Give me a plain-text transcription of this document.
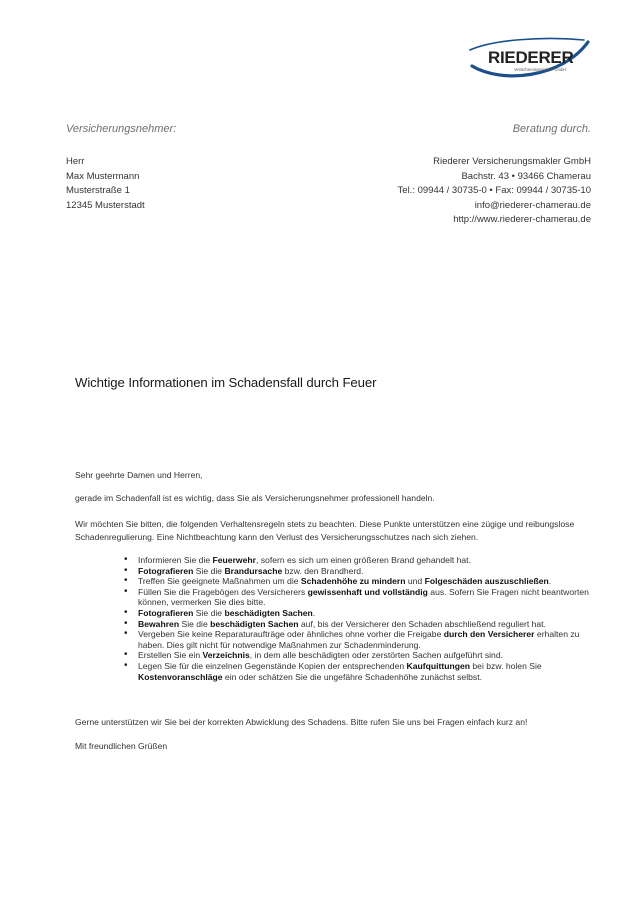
RIEDERER
Versicherungsmakler GmbH
Versicherungsnehmer:	Beratung durch.
Herr
Max Mustermann
Musterstraße 1
12345 Musterstadt
Riederer Versicherungsmakler GmbH
Bachstr. 43 • 93466 Chamerau
Tel.: 09944 / 30735-0 • Fax: 09944 / 30735-10
info@riederer-chamerau.de
http://www.riederer-chamerau.de
Wichtige Informationen im Schadensfall durch Feuer
Sehr geehrte Damen und Herren,
gerade im Schadenfall ist es wichtig, dass Sie als Versicherungsnehmer professionell handeln.
Wir möchten Sie bitten, die folgenden Verhaltensregeln stets zu beachten. Diese Punkte unterstützen eine zügige und reibungslose Schadenregulierung. Eine Nichtbeachtung kann den Verlust des Versicherungsschutzes nach sich ziehen.
• Informieren Sie die Feuerwehr, sofern es sich um einen größeren Brand gehandelt hat.
• Fotografieren Sie die Brandursache bzw. den Brandherd.
• Treffen Sie geeignete Maßnahmen um die Schadenhöhe zu mindern und Folgeschäden auszuschließen.
• Füllen Sie die Fragebögen des Versicherers gewissenhaft und vollständig aus. Sofern Sie Fragen nicht beantworten können, vermerken Sie dies bitte.
• Fotografieren Sie die beschädigten Sachen.
• Bewahren Sie die beschädigten Sachen auf, bis der Versicherer den Schaden abschließend reguliert hat.
• Vergeben Sie keine Reparaturaufträge oder ähnliches ohne vorher die Freigabe durch den Versicherer erhalten zu haben. Dies gilt nicht für notwendige Maßnahmen zur Schadenminderung.
• Erstellen Sie ein Verzeichnis, in dem alle beschädigten oder zerstörten Sachen aufgeführt sind.
• Legen Sie für die einzelnen Gegenstände Kopien der entsprechenden Kaufquittungen bei bzw. holen Sie Kostenvoranschläge ein oder schätzen Sie die ungefähre Schadenhöhe zunächst selbst.
Gerne unterstützen wir Sie bei der korrekten Abwicklung des Schadens. Bitte rufen Sie uns bei Fragen einfach kurz an!
Mit freundlichen Grüßen
